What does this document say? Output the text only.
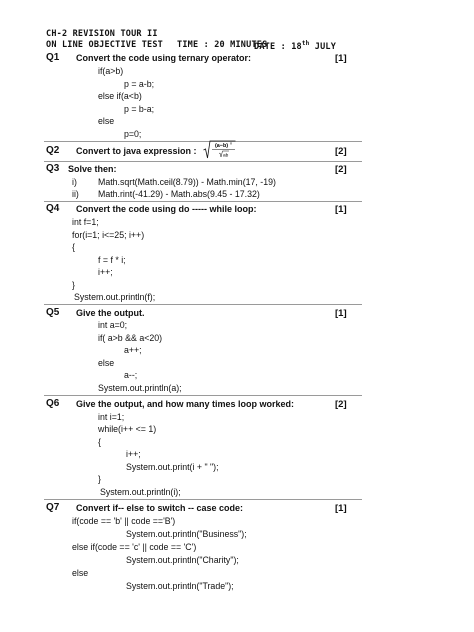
CH-2 REVISION TOUR II
ON LINE OBJECTIVE TEST TIME : 20 MINUTES
DATE : 18th JULY
Q1 Convert the code using ternary operator:	[1]
if(a>b)
p = a-b;
else if(a<b)
p = b-a;
else
p=0;
Q2 Convert to java expression :	(a−b) n
ab	[2]
Q3 Solve then:	[2]
i) Math.sqrt(Math.ceil(8.79)) - Math.min(17, -19)
ii) Math.rint(-41.29) - Math.abs(9.45 - 17.32)
Q4 Convert the code using do ----- while loop:	[1]
int f=1;
for(i=1; i<=25; i++)
{
f = f * i;
i++;
}
System.out.println(f);
Q5 Give the output.	[1]
int a=0;
if( a>b && a<20)
a++;
else
a--;
System.out.println(a);
Q6 Give the output, and how many times loop worked:	[2]
int i=1;
while(i++ <= 1)
{
i++;
System.out.print(i + " ");
}
System.out.println(i);
Q7 Convert if-- else to switch -- case code:	[1]
if(code == 'b' || code =='B')
System.out.println("Business");
else if(code == 'c' || code == 'C')
System.out.println("Charity");
else
System.out.println("Trade");
